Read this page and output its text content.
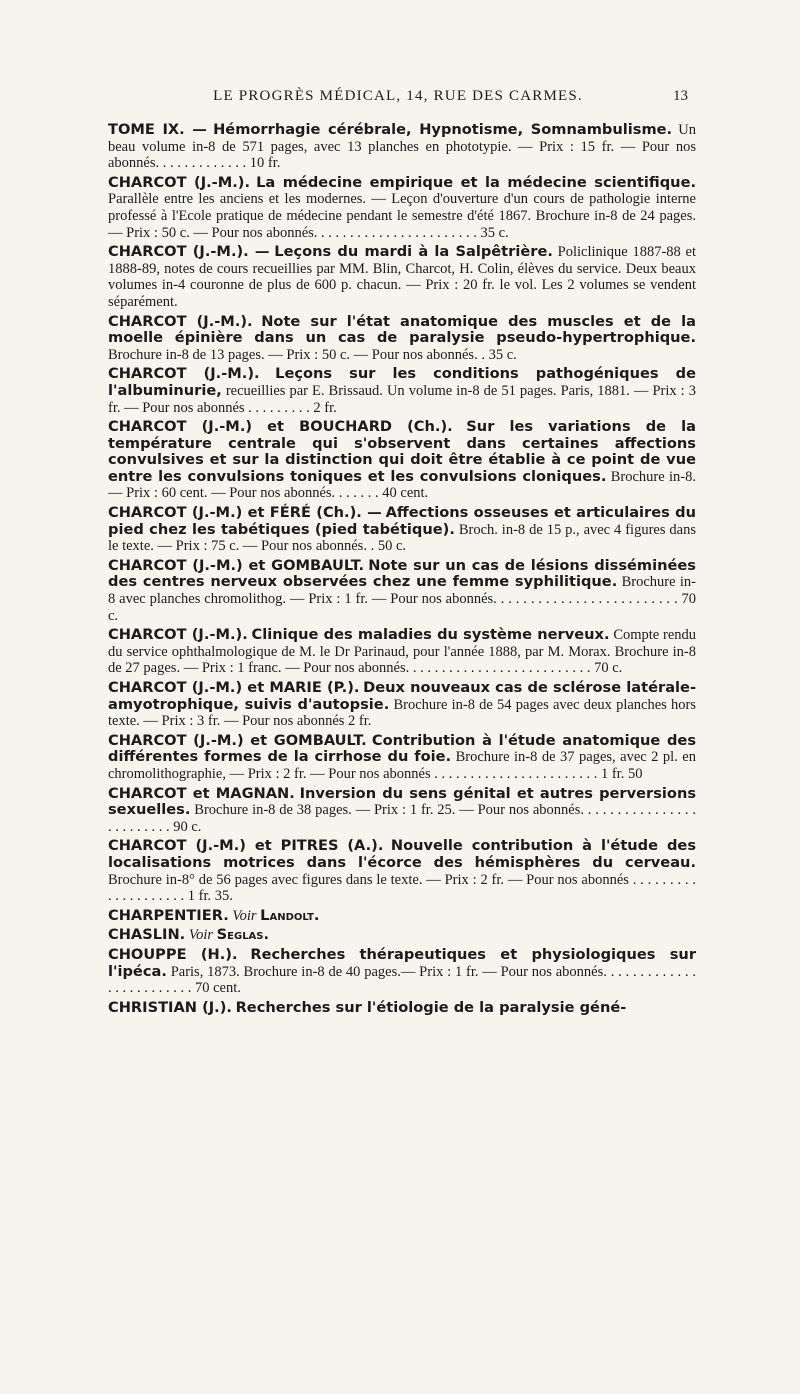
LE PROGRÈS MÉDICAL, 14, RUE DES CARMES.	13

TOME IX. — Hémorrhagie cérébrale, Hypnotisme, Somnambulisme. Un beau volume in-8 de 571 pages, avec 13 planches en phototypie. — Prix : 15 fr. — Pour nos abonnés. . . . . . . . . . . . . 10 fr.

CHARCOT (J.-M.). La médecine empirique et la médecine scientifique. Parallèle entre les anciens et les modernes. — Leçon d'ouverture d'un cours de pathologie interne professé à l'Ecole pratique de médecine pendant le semestre d'été 1867. Brochure in-8 de 24 pages. — Prix : 50 c. — Pour nos abonnés. . . . . . . . . . . . . . . . . . . . . . . 35 c.

CHARCOT (J.-M.). — Leçons du mardi à la Salpêtrière. Policlinique 1887-88 et 1888-89, notes de cours recueillies par MM. Blin, Charcot, H. Colin, élèves du service. Deux beaux volumes in-4 couronne de plus de 600 p. chacun. — Prix : 20 fr. le vol. Les 2 volumes se vendent séparément.

CHARCOT (J.-M.). Note sur l'état anatomique des muscles et de la moelle épinière dans un cas de paralysie pseudo-hypertrophique. Brochure in-8 de 13 pages. — Prix : 50 c. — Pour nos abonnés. . 35 c.

CHARCOT (J.-M.). Leçons sur les conditions pathogéniques de l'albuminurie, recueillies par E. Brissaud. Un volume in-8 de 51 pages. Paris, 1881. — Prix : 3 fr. — Pour nos abonnés . . . . . . . . . 2 fr.

CHARCOT (J.-M.) et BOUCHARD (Ch.). Sur les variations de la température centrale qui s'observent dans certaines affections convulsives et sur la distinction qui doit être établie à ce point de vue entre les convulsions toniques et les convulsions cloniques. Brochure in-8. — Prix : 60 cent. — Pour nos abonnés. . . . . . . 40 cent.

CHARCOT (J.-M.) et FÉRÉ (Ch.). — Affections osseuses et articulaires du pied chez les tabétiques (pied tabétique). Broch. in-8 de 15 p., avec 4 figures dans le texte. — Prix : 75 c. — Pour nos abonnés. . 50 c.

CHARCOT (J.-M.) et GOMBAULT. Note sur un cas de lésions disséminées des centres nerveux observées chez une femme syphilitique. Brochure in-8 avec planches chromolithog. — Prix : 1 fr. — Pour nos abonnés. . . . . . . . . . . . . . . . . . . . . . . . . 70 c.

CHARCOT (J.-M.). Clinique des maladies du système nerveux. Compte rendu du service ophthalmologique de M. le Dr Parinaud, pour l'année 1888, par M. Morax. Brochure in-8 de 27 pages. — Prix : 1 franc. — Pour nos abonnés. . . . . . . . . . . . . . . . . . . . . . . . . . 70 c.

CHARCOT (J.-M.) et MARIE (P.). Deux nouveaux cas de sclérose latérale-amyotrophique, suivis d'autopsie. Brochure in-8 de 54 pages avec deux planches hors texte. — Prix : 3 fr. — Pour nos abonnés 2 fr.

CHARCOT (J.-M.) et GOMBAULT. Contribution à l'étude anatomique des différentes formes de la cirrhose du foie. Brochure in-8 de 37 pages, avec 2 pl. en chromolithographie, — Prix : 2 fr. — Pour nos abonnés . . . . . . . . . . . . . . . . . . . . . . . 1 fr. 50

CHARCOT et MAGNAN. Inversion du sens génital et autres perversions sexuelles. Brochure in-8 de 38 pages. — Prix : 1 fr. 25. — Pour nos abonnés. . . . . . . . . . . . . . . . . . . . . . . . . 90 c.

CHARCOT (J.-M.) et PITRES (A.). Nouvelle contribution à l'étude des localisations motrices dans l'écorce des hémisphères du cerveau. Brochure in-8° de 56 pages avec figures dans le texte. — Prix : 2 fr. — Pour nos abonnés . . . . . . . . . . . . . . . . . . . . 1 fr. 35.

CHARPENTIER. Voir Landolt.

CHASLIN. Voir Seglas.

CHOUPPE (H.). Recherches thérapeutiques et physiologiques sur l'ipéca. Paris, 1873. Brochure in-8 de 40 pages.— Prix : 1 fr. — Pour nos abonnés. . . . . . . . . . . . . . . . . . . . . . . . . 70 cent.

CHRISTIAN (J.). Recherches sur l'étiologie de la paralysie géné-
